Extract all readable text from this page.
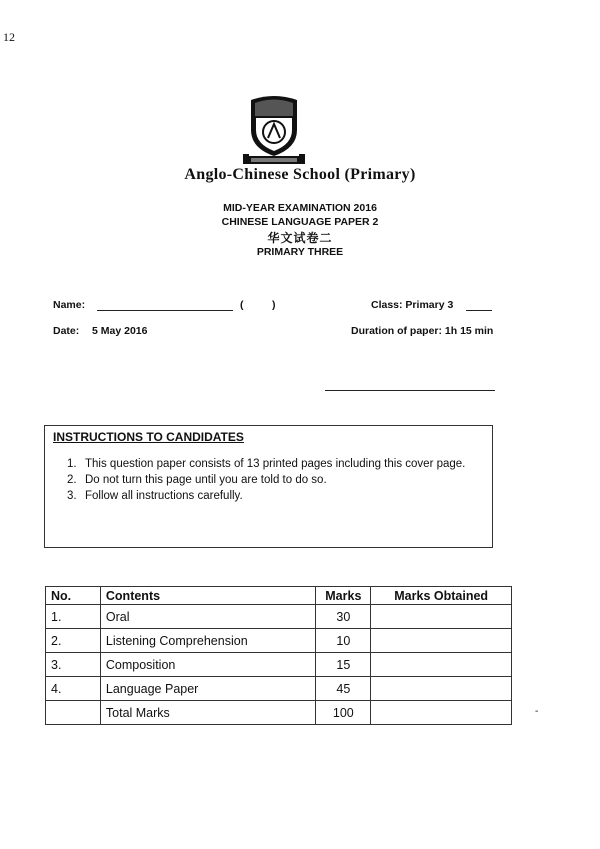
12
Anglo-Chinese School (Primary)
MID-YEAR EXAMINATION 2016
CHINESE LANGUAGE PAPER 2
华文试卷二
PRIMARY THREE
Name:	(	)	Class: Primary 3
Date: 5 May 2016	Duration of paper: 1h 15 min
INSTRUCTIONS TO CANDIDATES
1. This question paper consists of 13 printed pages including this cover page.
2. Do not turn this page until you are told to do so.
3. Follow all instructions carefully.
No.	Contents	Marks	Marks Obtained
1.	Oral	30	
2.	Listening Comprehension	10	
3.	Composition	15	
4.	Language Paper	45	
	Total Marks	100		-
